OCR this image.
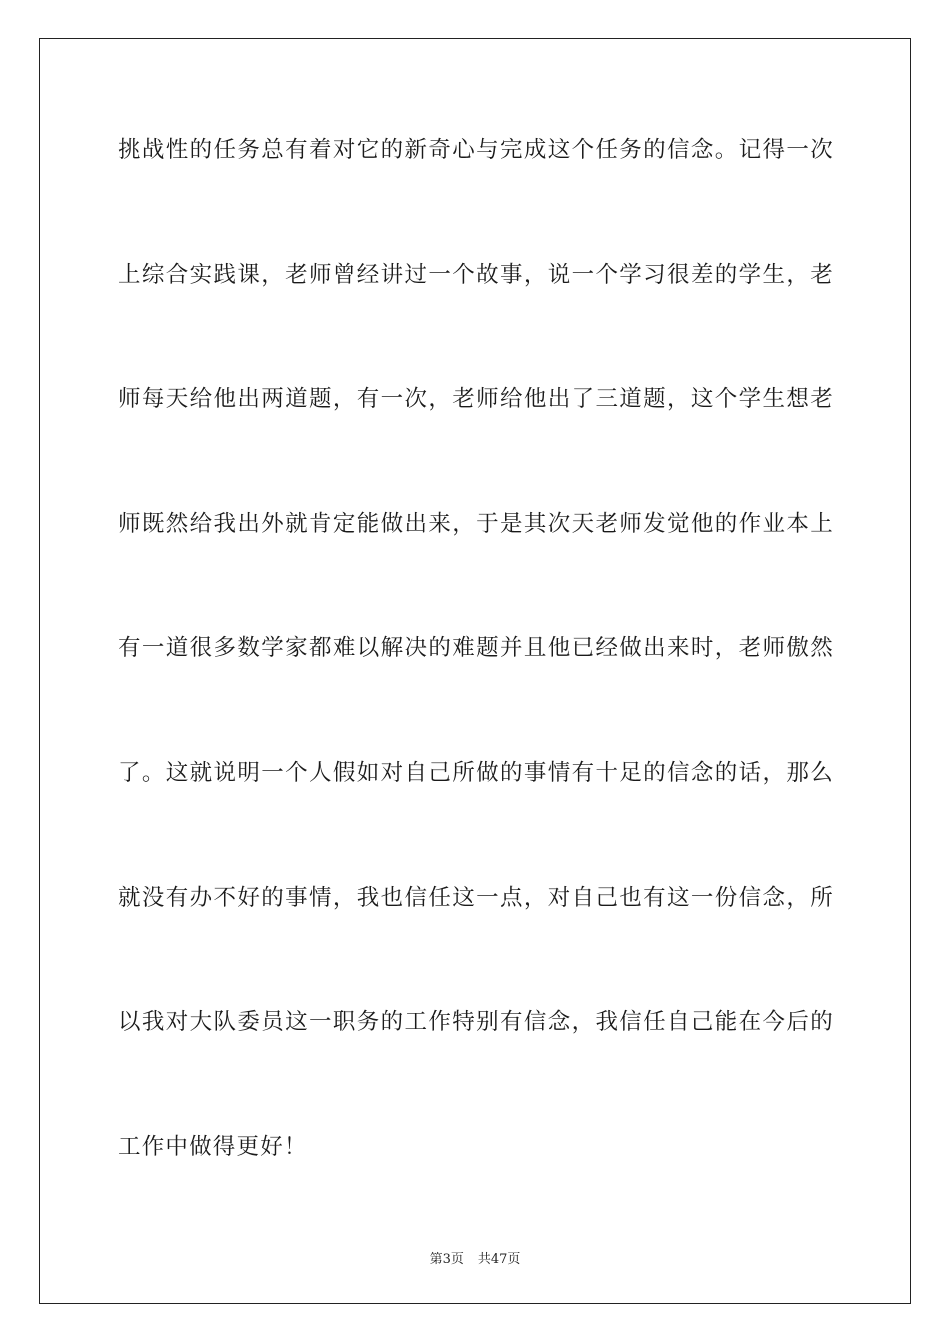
挑战性的任务总有着对它的新奇心与完成这个任务的信念。记得一次
上综合实践课，老师曾经讲过一个故事，说一个学习很差的学生，老
师每天给他出两道题，有一次，老师给他出了三道题，这个学生想老
师既然给我出外就肯定能做出来，于是其次天老师发觉他的作业本上
有一道很多数学家都难以解决的难题并且他已经做出来时，老师傲然
了。这就说明一个人假如对自己所做的事情有十足的信念的话，那么
就没有办不好的事情，我也信任这一点，对自己也有这一份信念，所
以我对大队委员这一职务的工作特别有信念，我信任自己能在今后的
工作中做得更好！
第3页 共47页
